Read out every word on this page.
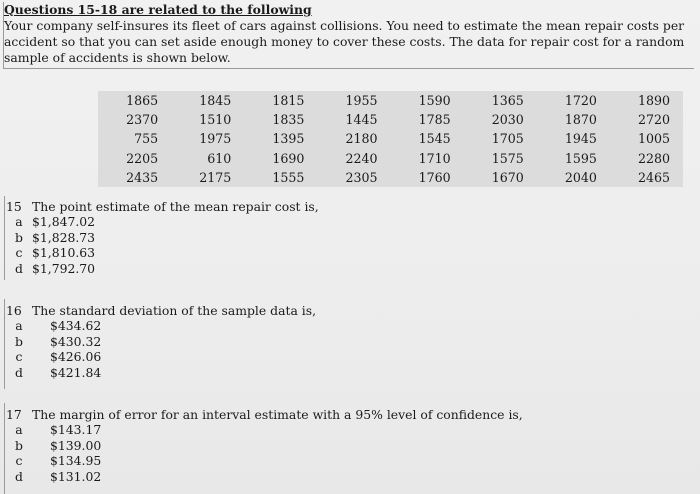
Questions 15-18 are related to the following
Your company self-insures its fleet of cars against collisions. You need to estimate the mean repair costs per accident so that you can set aside enough money to cover these costs. The data for repair cost for a random sample of accidents is shown below.
1865	1845	1815	1955	1590	1365	1720	1890
2370	1510	1835	1445	1785	2030	1870	2720
755	1975	1395	2180	1545	1705	1945	1005
2205	610	1690	2240	1710	1575	1595	2280
2435	2175	1555	2305	1760	1670	2040	2465
15 The point estimate of the mean repair cost is,
a $1,847.02
b $1,828.73
c $1,810.63
d $1,792.70
16 The standard deviation of the sample data is,
a	$434.62
b	$430.32
c	$426.06
d	$421.84
17 The margin of error for an interval estimate with a 95% level of confidence is,
a	$143.17
b	$139.00
c	$134.95
d	$131.02
